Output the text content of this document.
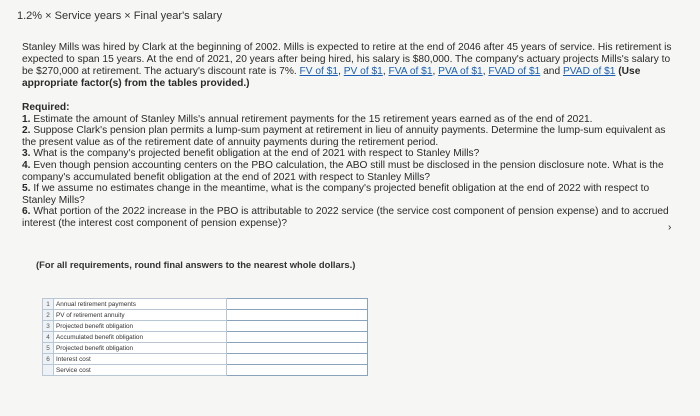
1.2% × Service years × Final year's salary
Stanley Mills was hired by Clark at the beginning of 2002. Mills is expected to retire at the end of 2046 after 45 years of service. His retirement is expected to span 15 years. At the end of 2021, 20 years after being hired, his salary is $80,000. The company's actuary projects Mills's salary to be $270,000 at retirement. The actuary's discount rate is 7%. FV of $1, PV of $1, FVA of $1, PVA of $1, FVAD of $1 and PVAD of $1 (Use appropriate factor(s) from the tables provided.)
Required:

1. Estimate the amount of Stanley Mills's annual retirement payments for the 15 retirement years earned as of the end of 2021.

2. Suppose Clark's pension plan permits a lump-sum payment at retirement in lieu of annuity payments. Determine the lump-sum equivalent as the present value as of the retirement date of annuity payments during the retirement period.

3. What is the company's projected benefit obligation at the end of 2021 with respect to Stanley Mills?

4. Even though pension accounting centers on the PBO calculation, the ABO still must be disclosed in the pension disclosure note. What is the company's accumulated benefit obligation at the end of 2021 with respect to Stanley Mills?

5. If we assume no estimates change in the meantime, what is the company's projected benefit obligation at the end of 2022 with respect to Stanley Mills?

6. What portion of the 2022 increase in the PBO is attributable to 2022 service (the service cost component of pension expense) and to accrued interest (the interest cost component of pension expense)?	›
(For all requirements, round final answers to the nearest whole dollars.)
1	Annual retirement payments	
2	PV of retirement annuity	
3	Projected benefit obligation	
4	Accumulated benefit obligation	
5	Projected benefit obligation	
6	Interest cost	
	Service cost	
